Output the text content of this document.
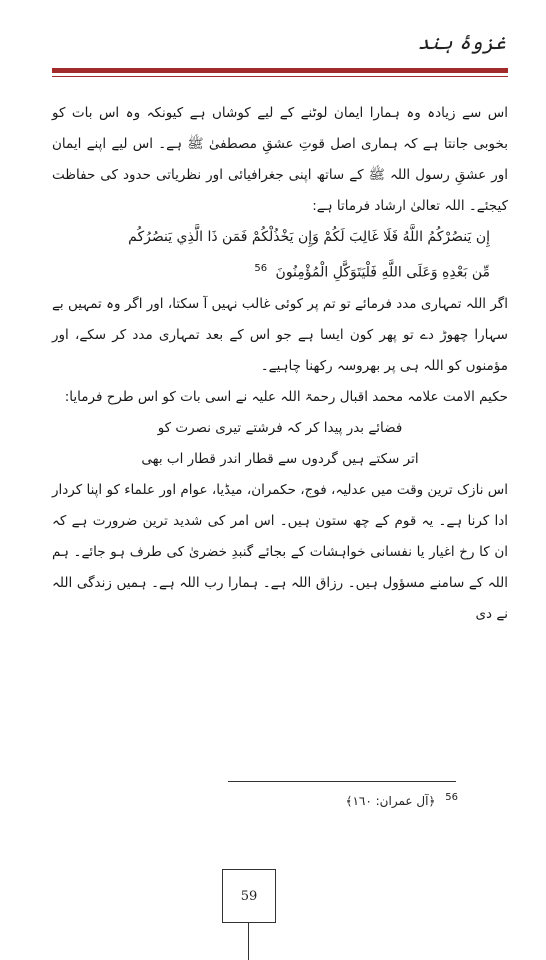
غزوۂ ہند

اس سے زیادہ وہ ہمارا ایمان لوٹنے کے لیے کوشاں ہے کیونکہ وہ اس بات کو بخوبی جانتا ہے کہ ہماری اصل قوتِ عشقِ مصطفیٰ ﷺ ہے۔ اس لیے اپنے ایمان اور عشقِ رسول اللہ ﷺ کے ساتھ اپنی جغرافیائی اور نظریاتی حدود کی حفاظت کیجئے۔ اللہ تعالیٰ ارشاد فرماتا ہے:

إِن يَنصُرْكُمُ اللَّهُ فَلَا غَالِبَ لَكُمْ وَإِن يَخْذُلْكُمْ فَمَن ذَا الَّذِي يَنصُرُكُم
مِّن بَعْدِهِ وَعَلَى اللَّهِ فَلْيَتَوَكَّلِ الْمُؤْمِنُونَ $^{56}$

اگر اللہ تمہاری مدد فرمائے تو تم پر کوئی غالب نہیں آ سکتا، اور اگر وہ تمہیں بے سہارا چھوڑ دے تو پھر کون ایسا ہے جو اس کے بعد تمہاری مدد کر سکے، اور مؤمنوں کو اللہ ہی پر بھروسہ رکھنا چاہیے۔

حکیم الامت علامہ محمد اقبال رحمۃ اللہ علیہ نے اسی بات کو اس طرح فرمایا:

فضائے بدر پیدا کر کہ فرشتے تیری نصرت کو
اتر سکتے ہیں گردوں سے قطار اندر قطار اب بھی

اس نازک ترین وقت میں عدلیہ، فوج، حکمران، میڈیا، عوام اور علماء کو اپنا کردار ادا کرنا ہے۔ یہ قوم کے چھ ستون ہیں۔ اس امر کی شدید ترین ضرورت ہے کہ ان کا رخ اغیار یا نفسانی خواہشات کے بجائے گنبدِ خضریٰ کی طرف ہو جائے۔ ہم اللہ کے سامنے مسؤول ہیں۔ رزاق اللہ ہے۔ ہمارا رب اللہ ہے۔ ہمیں زندگی اللہ نے دی

$^{56}$ ﴿آل عمران: ١٦٠﴾
59
